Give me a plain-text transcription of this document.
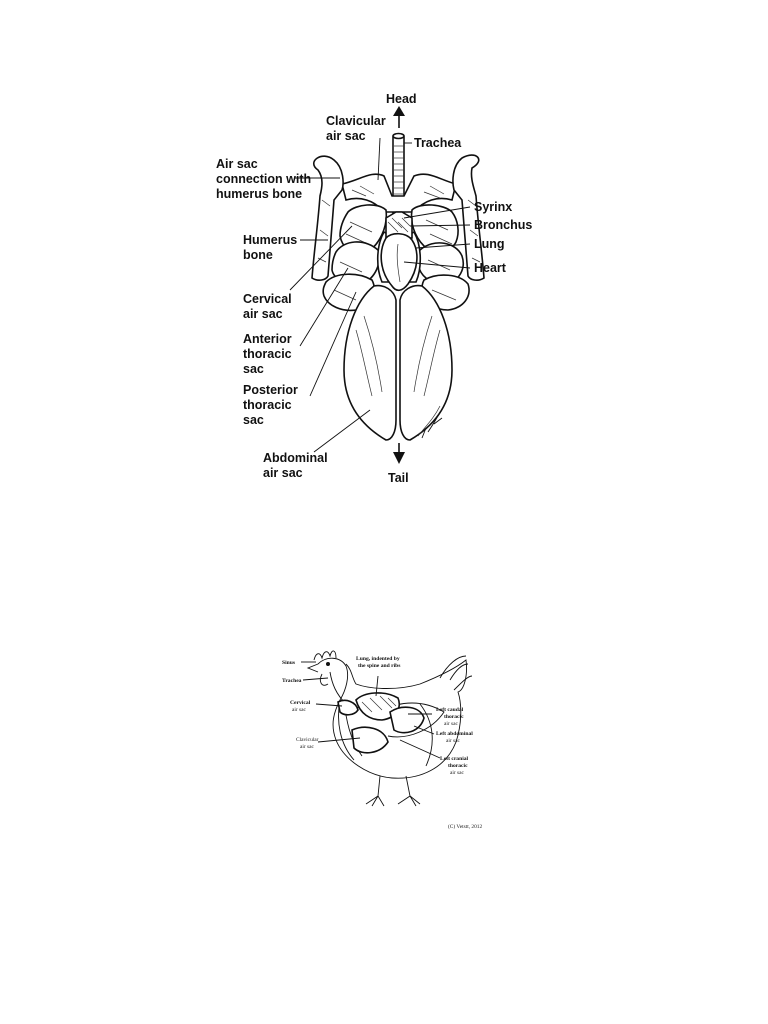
Head
Tail
Air sac
connection with
humerus bone
Humerus
bone
Cervical
air sac
Anterior
thoracic
sac
Posterior
thoracic
sac
Abdominal
air sac
Clavicular
air sac	Trachea
Syrinx
Bronchus
Lung
Heart
Sinus
Trachea
Lung, indented by
the spine and ribs
Cervical
air sac
Clavicular
air sac
Left caudal
thoracic
air sac
Left abdominal
air sac
Left cranial
thoracic
air sac
(C) Vetstt, 2012
